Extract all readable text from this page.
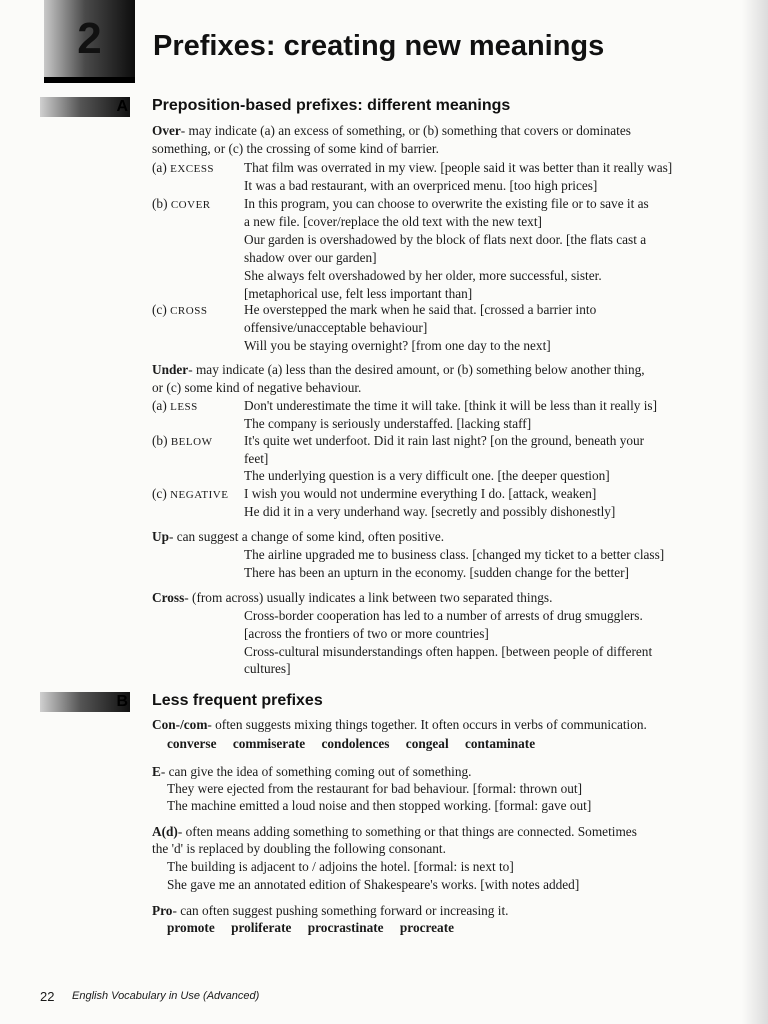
2	Prefixes: creating new meanings
A Preposition-based prefixes: different meanings
Over- may indicate (a) an excess of something, or (b) something that covers or dominates
something, or (c) the crossing of some kind of barrier.
(a) EXCESS That film was overrated in my view. [people said it was better than it really was]
It was a bad restaurant, with an overpriced menu. [too high prices]
(b) COVER	In this program, you can choose to overwrite the existing file or to save it as
a new file. [cover/replace the old text with the new text]
Our garden is overshadowed by the block of flats next door. [the flats cast a
shadow over our garden]
She always felt overshadowed by her older, more successful, sister.
[metaphorical use, felt less important than]
(c) CROSS	He overstepped the mark when he said that. [crossed a barrier into
offensive/unacceptable behaviour]
Will you be staying overnight? [from one day to the next]
Under- may indicate (a) less than the desired amount, or (b) something below another thing,
or (c) some kind of negative behaviour.
(a) LESS	Don't underestimate the time it will take. [think it will be less than it really is]
The company is seriously understaffed. [lacking staff]
(b) BELOW It's quite wet underfoot. Did it rain last night? [on the ground, beneath your
feet]
The underlying question is a very difficult one. [the deeper question]
(c) NEGATIVE I wish you would not undermine everything I do. [attack, weaken]
He did it in a very underhand way. [secretly and possibly dishonestly]
Up- can suggest a change of some kind, often positive.
The airline upgraded me to business class. [changed my ticket to a better class]
There has been an upturn in the economy. [sudden change for the better]
Cross- (from across) usually indicates a link between two separated things.
Cross-border cooperation has led to a number of arrests of drug smugglers.
[across the frontiers of two or more countries]
Cross-cultural misunderstandings often happen. [between people of different
cultures]
B Less frequent prefixes
Con-/com- often suggests mixing things together. It often occurs in verbs of communication.
converse commiserate condolences congeal contaminate
E- can give the idea of something coming out of something.
They were ejected from the restaurant for bad behaviour. [formal: thrown out]
The machine emitted a loud noise and then stopped working. [formal: gave out]
A(d)- often means adding something to something or that things are connected. Sometimes
the 'd' is replaced by doubling the following consonant.
The building is adjacent to / adjoins the hotel. [formal: is next to]
She gave me an annotated edition of Shakespeare's works. [with notes added]
Pro- can often suggest pushing something forward or increasing it.
promote proliferate procrastinate procreate
22 English Vocabulary in Use (Advanced)
